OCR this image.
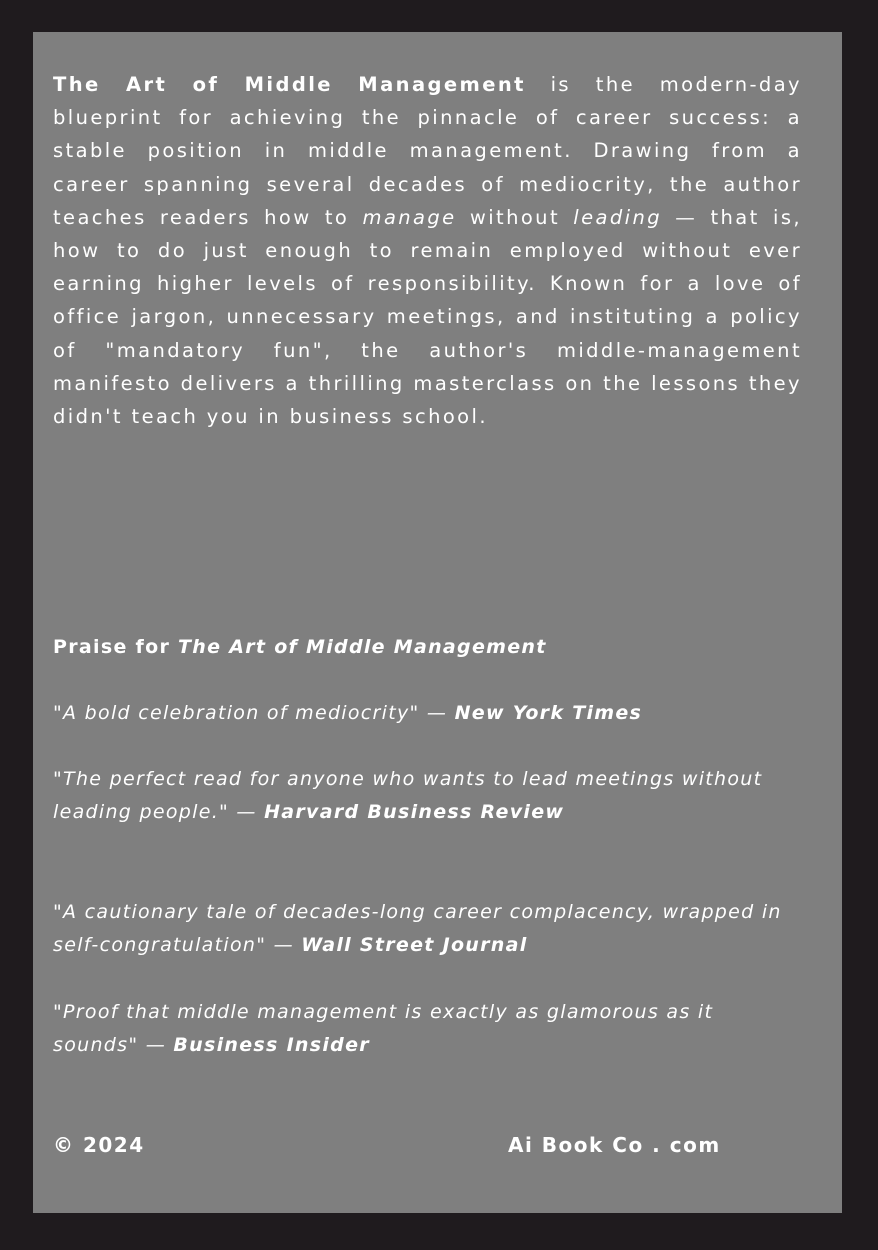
The Art of Middle Management is the modern-day blueprint for achieving the pinnacle of career success: a stable position in middle management. Drawing from a career spanning several decades of mediocrity, the author teaches readers how to manage without leading — that is, how to do just enough to remain employed without ever earning higher levels of responsibility. Known for a love of office jargon, unnecessary meetings, and instituting a policy of "mandatory fun", the author's middle-management manifesto delivers a thrilling masterclass on the lessons they didn't teach you in business school.

Praise for The Art of Middle Management

"A bold celebration of mediocrity" — New York Times

"The perfect read for anyone who wants to lead meetings without leading people." — Harvard Business Review

"A cautionary tale of decades-long career complacency, wrapped in self-congratulation" — Wall Street Journal

"Proof that middle management is exactly as glamorous as it sounds" — Business Insider

© 2024	Ai Book Co . com
